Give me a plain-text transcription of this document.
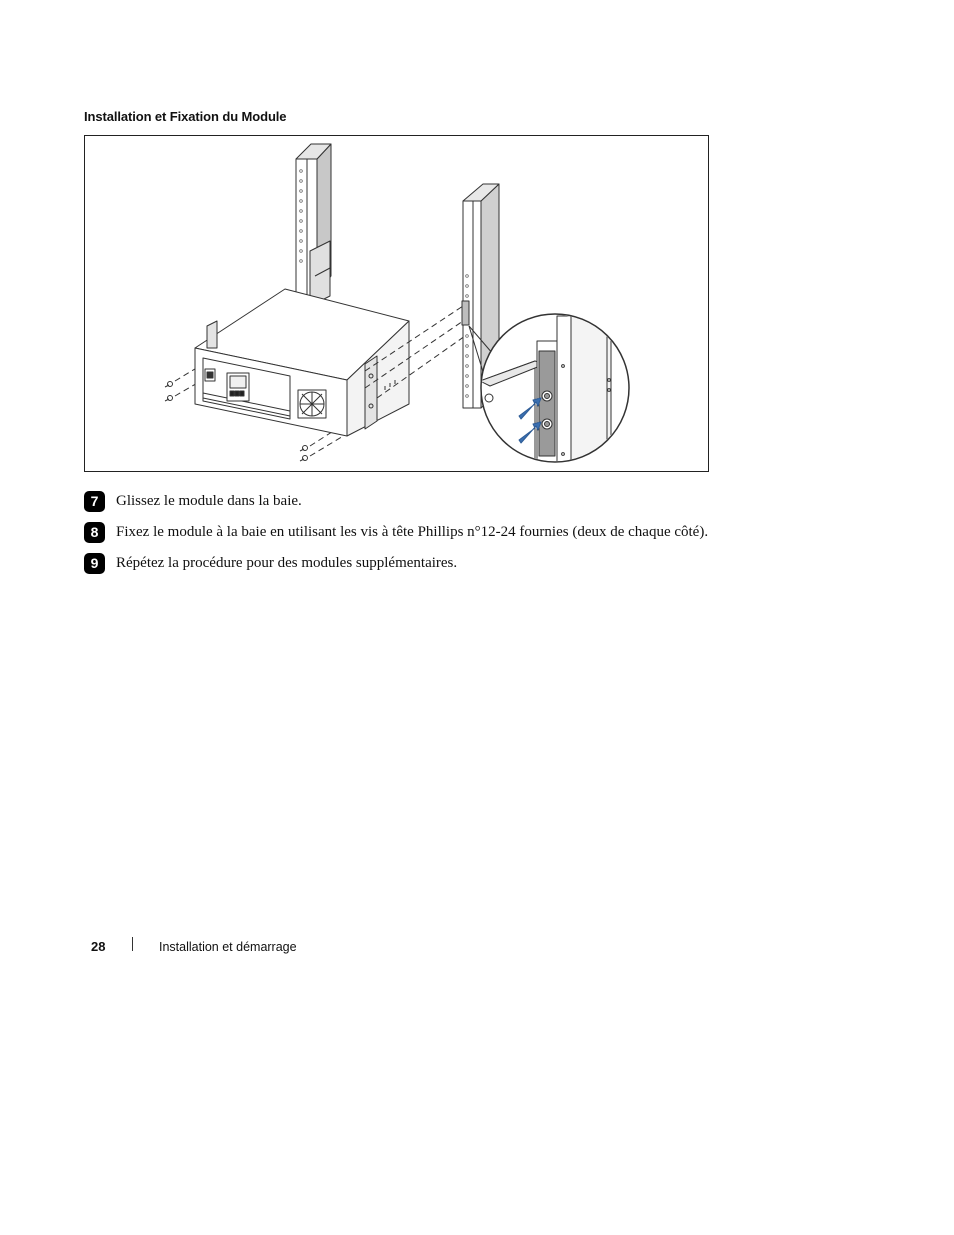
Installation et Fixation du Module
7	Glissez le module dans la baie.
8	Fixez le module à la baie en utilisant les vis à tête Phillips n°12-24 fournies (deux de chaque côté).
9	Répétez la procédure pour des modules supplémentaires.
28	Installation et démarrage
